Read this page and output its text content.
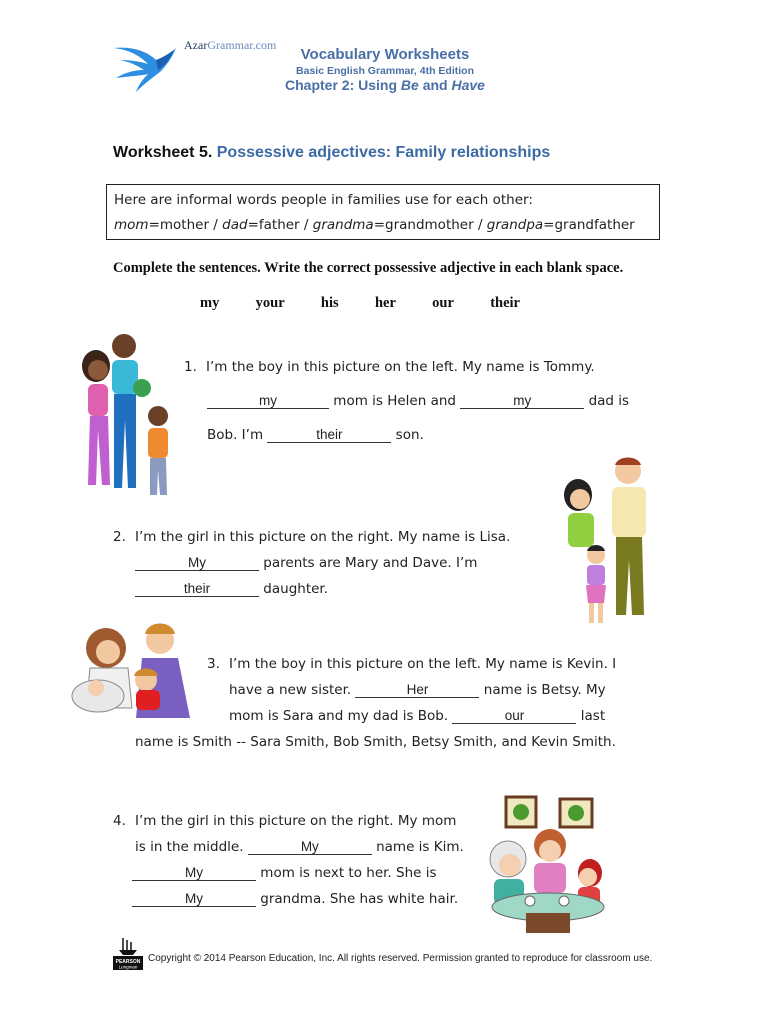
AzarGrammar.com
Vocabulary Worksheets
Basic English Grammar, 4th Edition
Chapter 2: Using Be and Have
Worksheet 5. Possessive adjectives: Family relationships
Here are informal words people in families use for each other:
mom=mother / dad=father / grandma=grandmother / grandpa=grandfather
Complete the sentences. Write the correct possessive adjective in each blank space.
my	your	his	her	our	their
1. I’m the boy in this picture on the left. My name is Tommy.
my	mom is Helen and	my	dad is
Bob. I’m	their	son.
2. I’m the girl in this picture on the right. My name is Lisa.
My	parents are Mary and Dave. I’m
their	daughter.
3. I’m the boy in this picture on the left. My name is Kevin. I
have a new sister.	Her	name is Betsy. My
mom is Sara and my dad is Bob.	our	last
name is Smith -- Sara Smith, Bob Smith, Betsy Smith, and Kevin Smith.
4. I’m the girl in this picture on the right. My mom
is in the middle.	My	name is Kim.
My	mom is next to her. She is
My	grandma. She has white hair.
PEARSON
Longman
Copyright © 2014 Pearson Education, Inc. All rights reserved. Permission granted to reproduce for classroom use.
